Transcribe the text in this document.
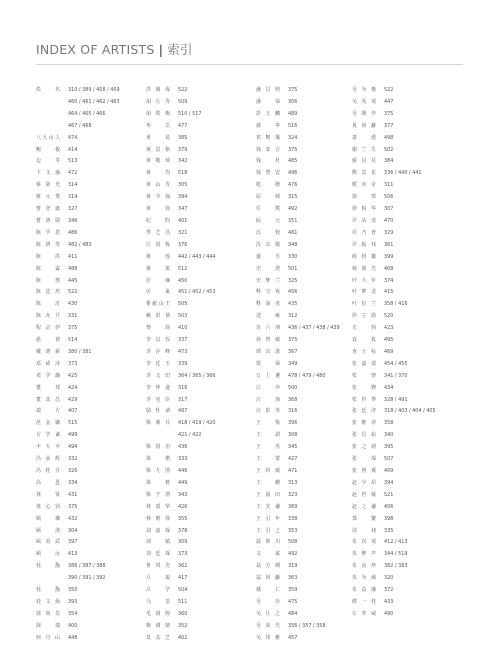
INDEX OF ARTISTS | 索引
佚名	310 / 389 / 458 / 459
460 / 461 / 462 / 463
464 / 465 / 466
467 / 468
八大山人	474
鲍俊	414
边寿	513
卞文瑜	472
蔡剑光	314
蔡元秀	314
曹登庸	327
曹鸿勋	346
陈孚恩	486
陈鸿寿	482 / 483
陈洪	411
陈霖	488
陈璞	445
陈廷培	522
陈沂	430
陈允升	331
程宗伊	375
慈禧	514
戴鸿慈	380 / 381
邓咸泽	373
邓学潞	425
董邦	424
董其昌	429
端方	407
范金镛	515
方学诚	499
丰大卒	494
冯承辉	332
冯桂芬	326
高邕	334
龚贤	431
龚心钊	375
顾璘	432
顾洛	304
顾炎武	397
顾沅	413
桂馥	386 / 387 / 388
390 / 391 / 392
桂馥	350
桂文灿	393
郭尚先	354
海瑞	400
何丹山	448
洪锡保	522
胡公寿	509
胡铁梅	510 / 517
华岳	477
黄易	385
黄景枢	379
黄敬玚	342
黄均	518
黄山寿	305
黄少强	394
黄钧	347
纪昀	401
季芝昌	321
江国栋	376
蒋莲	442 / 443 / 444
蒋寓	512
居廉	450
居巢	451 / 452 / 453
瞿献山王	505
赖洪禧	503
黎简	410
李以珵	337
李存峰	473
李廷玉	339
李文田	364 / 365 / 366
李仲逊	316
李宪臣	317
励杜讷	487
梁鼎芬	418 / 419 / 420
421 / 422
梁国治	436
梁楷	333
梁九图	446
梁梿	449
梁于渭	343
林韶华	426
林则徐	355
刘嘉琛	378
刘镇	309
刘廷琛	373
鲁琪光	362
吕琨	417
吕学	504
马荃	511
毛润熙	360
梅调鼎	352
莫友芝	402
潘昌煦	375
潘恭	306
彭玉麟	489
蒲华	516
祁寯藻	324
钱泰吉	375
钱杜	485
钱慧安	496
乾隆	476
屈邨	315
任熊	492
阮元	351
沈锽	481
沈宗敬	348
盛昱	330
史澄	501
史梦兰	325
释宝筏	456
释深度	435
述庵	312
苏六朋	436 / 437 / 438 / 439
孙智敏	375
谭宗浚	367
铁保	349
万上遴	478 / 479 / 480
汪亭	500
汪洵	368
汪彭寿	316
王鉴	396
王澍	308
王杰	345
王蒙	427
王时敏	471
王鹏	313
王福田	323
王先谦	369
王引年	338
王引之	353
温仰川	508
文斌	492
翁方纲	319
翁同龢	363
楼仁	359
吴历	475
吴让之	484
吴荣光	356 / 357 / 358
吴伟雅	457
吴为楷	522
吴英琦	447
吴隆申	375
夏同龢	377
萧愻	498
谢兰生	502
谢启昆	384
熊景星	336 / 440 / 441
熊亦奇	311
徐琪	506
徐柏华	307
许从龙	470
许乃普	329
许振祎	361
薛绍徽	399
杨葆光	408
叶大年	374
叶梦龙	415
叶衍兰	358 / 416
伊立勋	520
尤钧	423
袁枚	495
查士标	469
张嘉谟	454 / 455
张謇	341 / 370
张穆	434
张世準	328 / 491
张廷济	318 / 403 / 404 / 405
张维屏	358
张岳崧	340
张之洞	395
张琛	507
张照翼	409
赵少昂	394
赵世璇	521
赵之谦	406
郑鳌	398
周昶	335
朱次琦	412 / 413
朱梦声	344 / 519
朱汝珍	382 / 383
朱为弼	320
朱益藩	372
缪一桂	433
左孝威	490
